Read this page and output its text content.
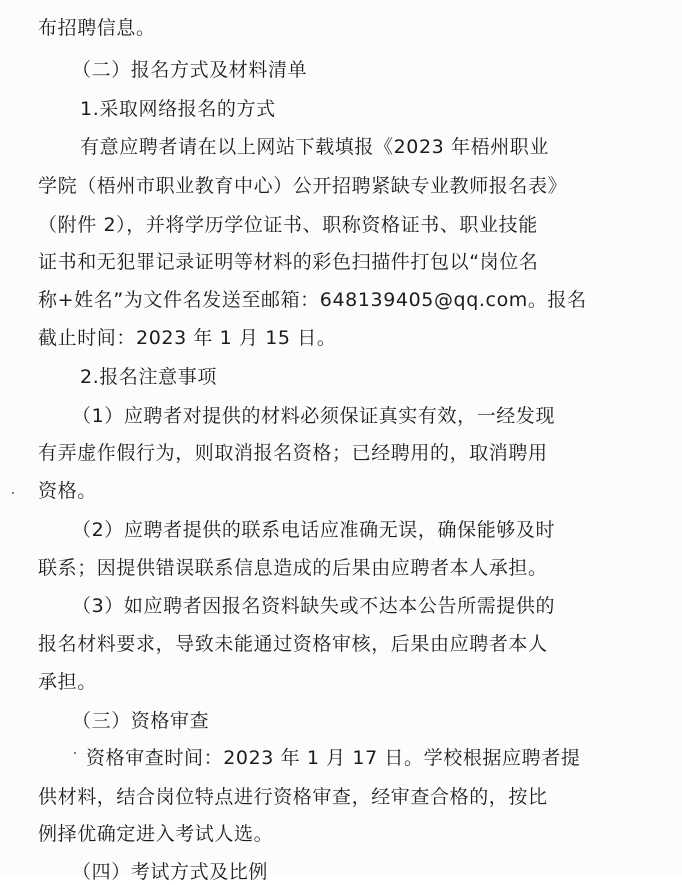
布招聘信息。
（二）报名方式及材料清单
1.采取网络报名的方式
有意应聘者请在以上网站下载填报《2023 年梧州职业
学院（梧州市职业教育中心）公开招聘紧缺专业教师报名表》
（附件 2），并将学历学位证书、职称资格证书、职业技能
证书和无犯罪记录证明等材料的彩色扫描件打包以“岗位名
称+姓名”为文件名发送至邮箱：648139405@qq.com。报名
截止时间：2023 年 1 月 15 日。
2.报名注意事项
（1）应聘者对提供的材料必须保证真实有效，一经发现
有弄虚作假行为，则取消报名资格；已经聘用的，取消聘用
资格。
（2）应聘者提供的联系电话应准确无误，确保能够及时
联系；因提供错误联系信息造成的后果由应聘者本人承担。
（3）如应聘者因报名资料缺失或不达本公告所需提供的
报名材料要求，导致未能通过资格审核，后果由应聘者本人
承担。
（三）资格审查
资格审查时间：2023 年 1 月 17 日。学校根据应聘者提
供材料，结合岗位特点进行资格审查，经审查合格的，按比
例择优确定进入考试人选。
（四）考试方式及比例
